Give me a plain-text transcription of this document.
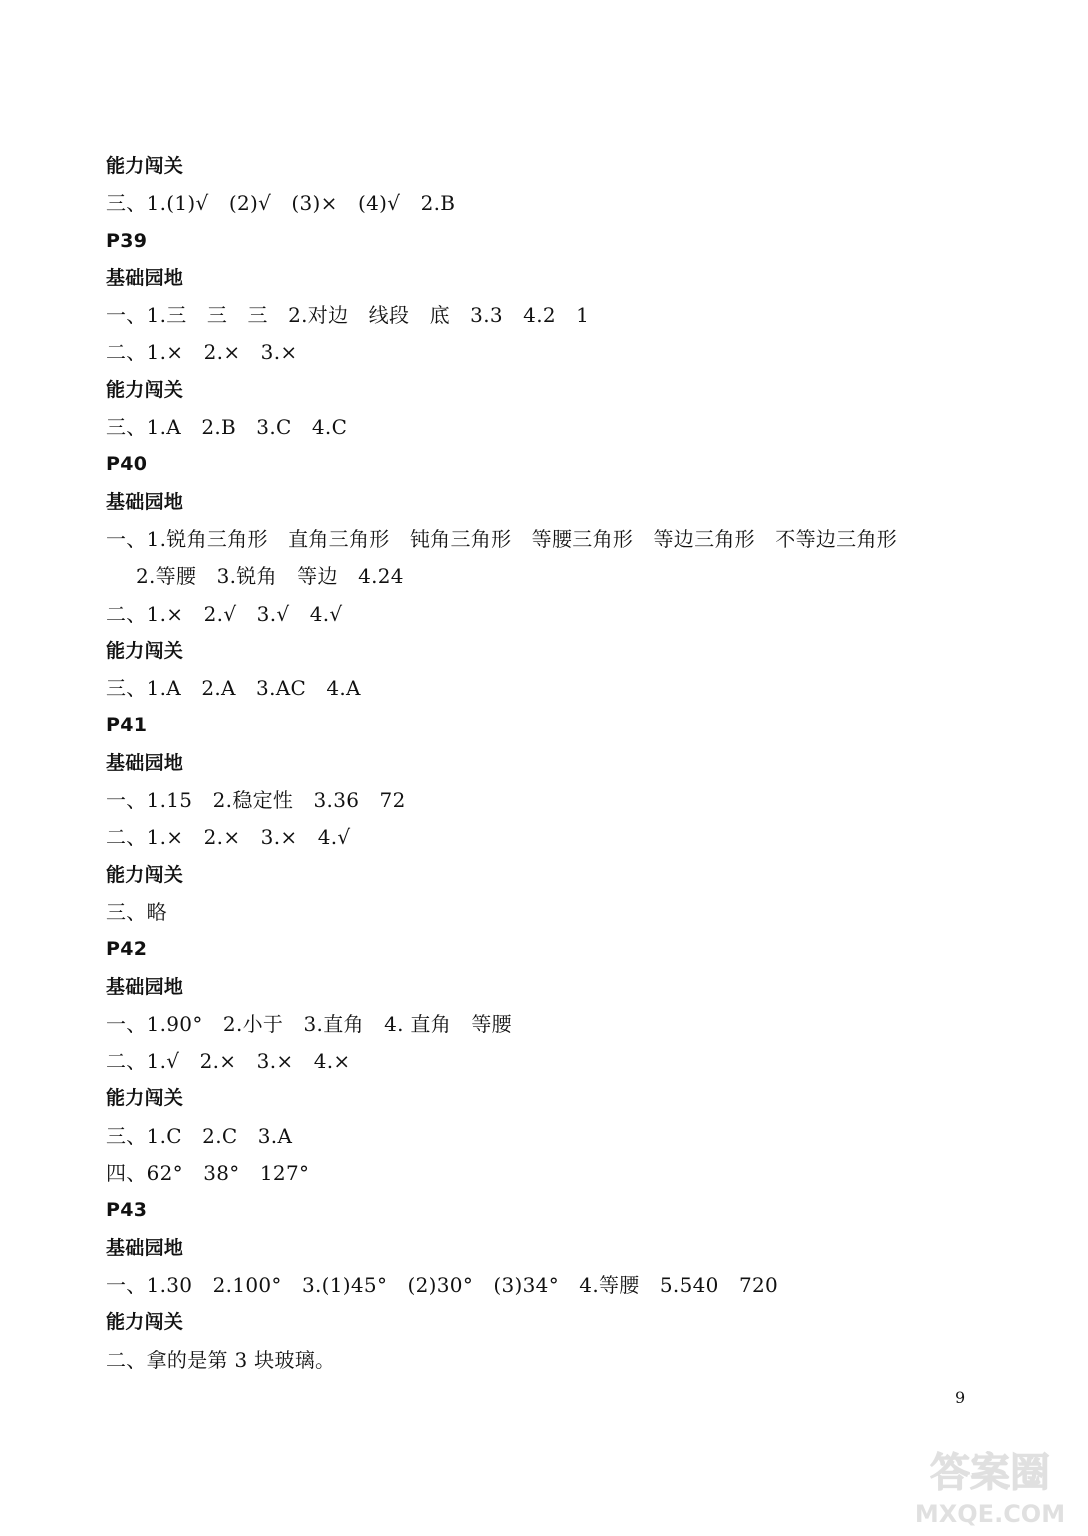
能力闯关
三、1.(1)√　(2)√　(3)×　(4)√　2.B
P39
基础园地
一、1.三　三　三　2.对边　线段　底　3.3　4.2　1
二、1.×　2.×　3.×
能力闯关
三、1.A　2.B　3.C　4.C
P40
基础园地
一、1.锐角三角形　直角三角形　钝角三角形　等腰三角形　等边三角形　不等边三角形
2.等腰　3.锐角　等边　4.24
二、1.×　2.√　3.√　4.√
能力闯关
三、1.A　2.A　3.AC　4.A
P41
基础园地
一、1.15　2.稳定性　3.36　72
二、1.×　2.×　3.×　4.√
能力闯关
三、略
P42
基础园地
一、1.90°　2.小于　3.直角　4. 直角　等腰
二、1.√　2.×　3.×　4.×
能力闯关
三、1.C　2.C　3.A
四、62°　38°　127°
P43
基础园地
一、1.30　2.100°　3.(1)45°　(2)30°　(3)34°　4.等腰　5.540　720
能力闯关
二、拿的是第 3 块玻璃。
9
答案圈
MXQE.COM
